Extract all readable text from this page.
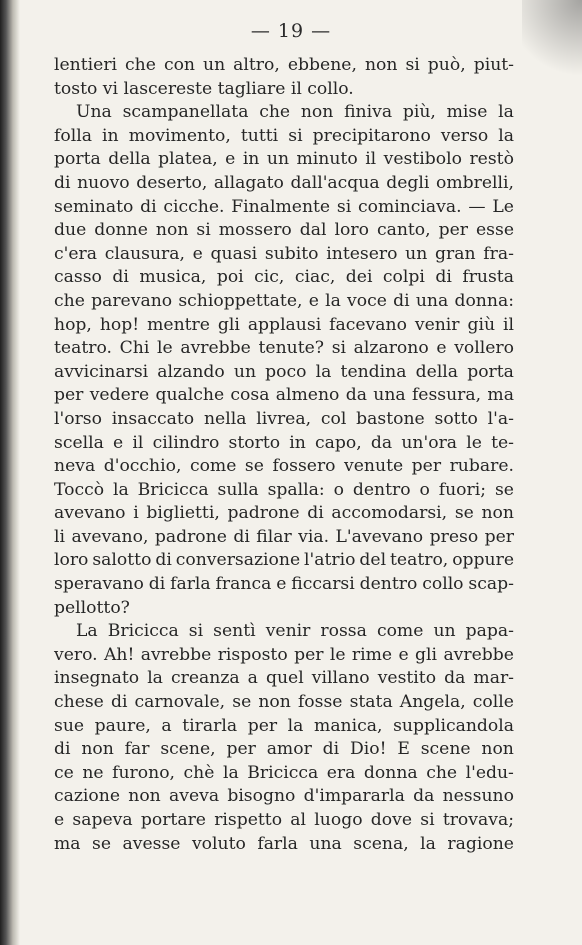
— 19 —
lentieri che con un altro, ebbene, non si può, piut-
tosto vi lascereste tagliare il collo.
Una scampanellata che non finiva più, mise la
folla in movimento, tutti si precipitarono verso la
porta della platea, e in un minuto il vestibolo restò
di nuovo deserto, allagato dall'acqua degli ombrelli,
seminato di cicche. Finalmente si cominciava. — Le
due donne non si mossero dal loro canto, per esse
c'era clausura, e quasi subito intesero un gran fra-
casso di musica, poi cic, ciac, dei colpi di frusta
che parevano schioppettate, e la voce di una donna:
hop, hop! mentre gli applausi facevano venir giù il
teatro. Chi le avrebbe tenute? si alzarono e vollero
avvicinarsi alzando un poco la tendina della porta
per vedere qualche cosa almeno da una fessura, ma
l'orso insaccato nella livrea, col bastone sotto l'a-
scella e il cilindro storto in capo, da un'ora le te-
neva d'occhio, come se fossero venute per rubare.
Toccò la Bricicca sulla spalla: o dentro o fuori; se
avevano i biglietti, padrone di accomodarsi, se non
li avevano, padrone di filar via. L'avevano preso per
loro salotto di conversazione l'atrio del teatro, oppure
speravano di farla franca e ficcarsi dentro collo scap-
pellotto?
La Bricicca si sentì venir rossa come un papa-
vero. Ah! avrebbe risposto per le rime e gli avrebbe
insegnato la creanza a quel villano vestito da mar-
chese di carnovale, se non fosse stata Angela, colle
sue paure, a tirarla per la manica, supplicandola
di non far scene, per amor di Dio! E scene non
ce ne furono, chè la Bricicca era donna che l'edu-
cazione non aveva bisogno d'impararla da nessuno
e sapeva portare rispetto al luogo dove si trovava;
ma se avesse voluto farla una scena, la ragione
